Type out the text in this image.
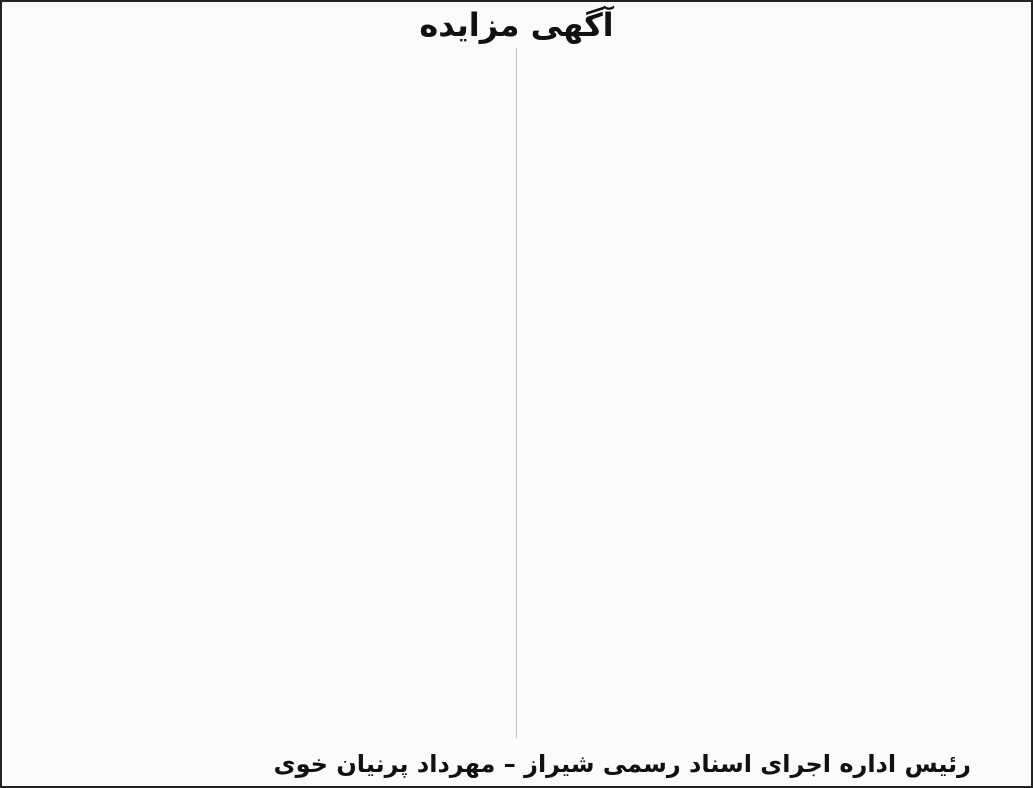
آگهی مزایده
رئیس اداره اجرای اسناد رسمی شیراز – مهرداد پرنیان خوی
